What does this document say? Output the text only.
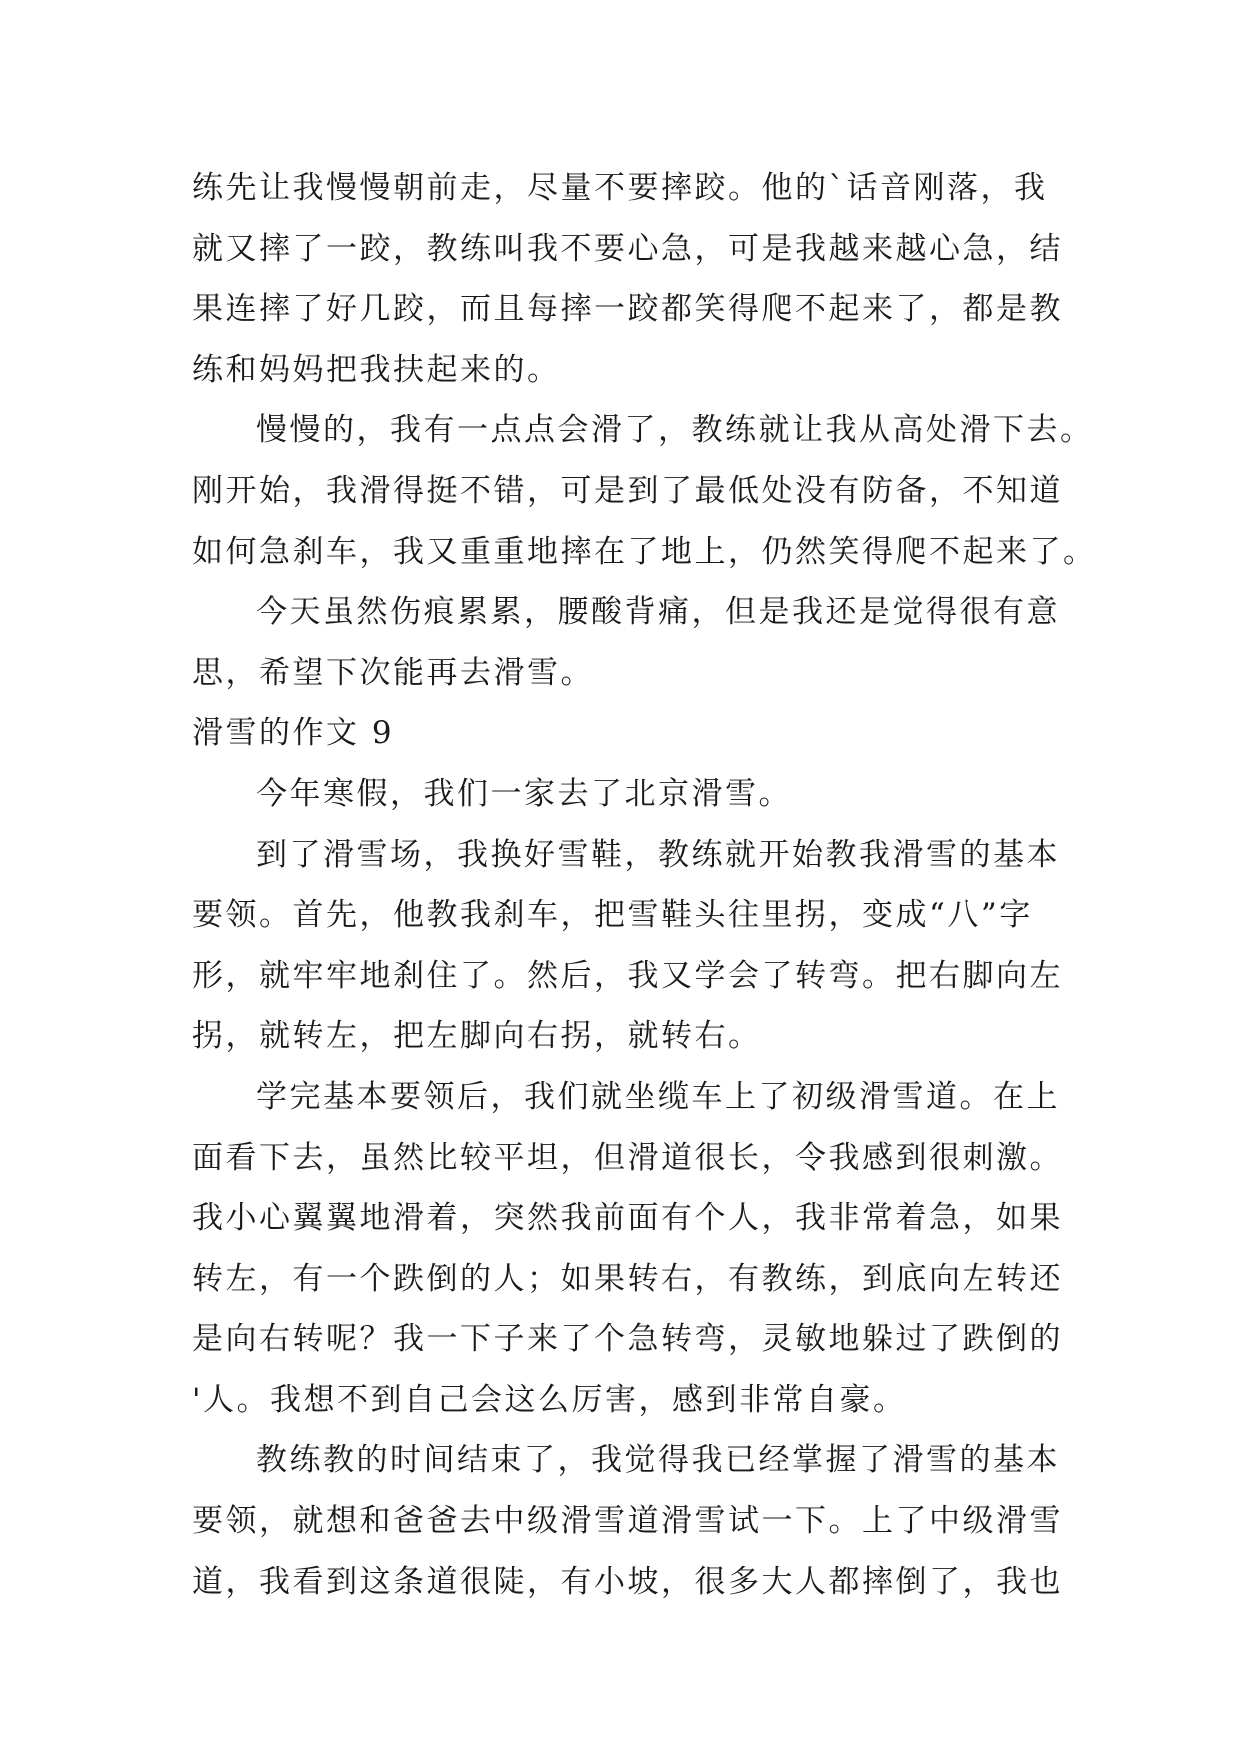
练先让我慢慢朝前走，尽量不要摔跤。他的`话音刚落，我
就又摔了一跤，教练叫我不要心急，可是我越来越心急，结
果连摔了好几跤，而且每摔一跤都笑得爬不起来了，都是教
练和妈妈把我扶起来的。
慢慢的，我有一点点会滑了，教练就让我从高处滑下去。
刚开始，我滑得挺不错，可是到了最低处没有防备，不知道
如何急刹车，我又重重地摔在了地上，仍然笑得爬不起来了。
今天虽然伤痕累累，腰酸背痛，但是我还是觉得很有意
思，希望下次能再去滑雪。
滑雪的作文 9
今年寒假，我们一家去了北京滑雪。
到了滑雪场，我换好雪鞋，教练就开始教我滑雪的基本
要领。首先，他教我刹车，把雪鞋头往里拐，变成“八”字
形，就牢牢地刹住了。然后，我又学会了转弯。把右脚向左
拐，就转左，把左脚向右拐，就转右。
学完基本要领后，我们就坐缆车上了初级滑雪道。在上
面看下去，虽然比较平坦，但滑道很长，令我感到很刺激。
我小心翼翼地滑着，突然我前面有个人，我非常着急，如果
转左，有一个跌倒的人；如果转右，有教练，到底向左转还
是向右转呢？我一下子来了个急转弯，灵敏地躲过了跌倒的
'人。我想不到自己会这么厉害，感到非常自豪。
教练教的时间结束了，我觉得我已经掌握了滑雪的基本
要领，就想和爸爸去中级滑雪道滑雪试一下。上了中级滑雪
道，我看到这条道很陡，有小坡，很多大人都摔倒了，我也
